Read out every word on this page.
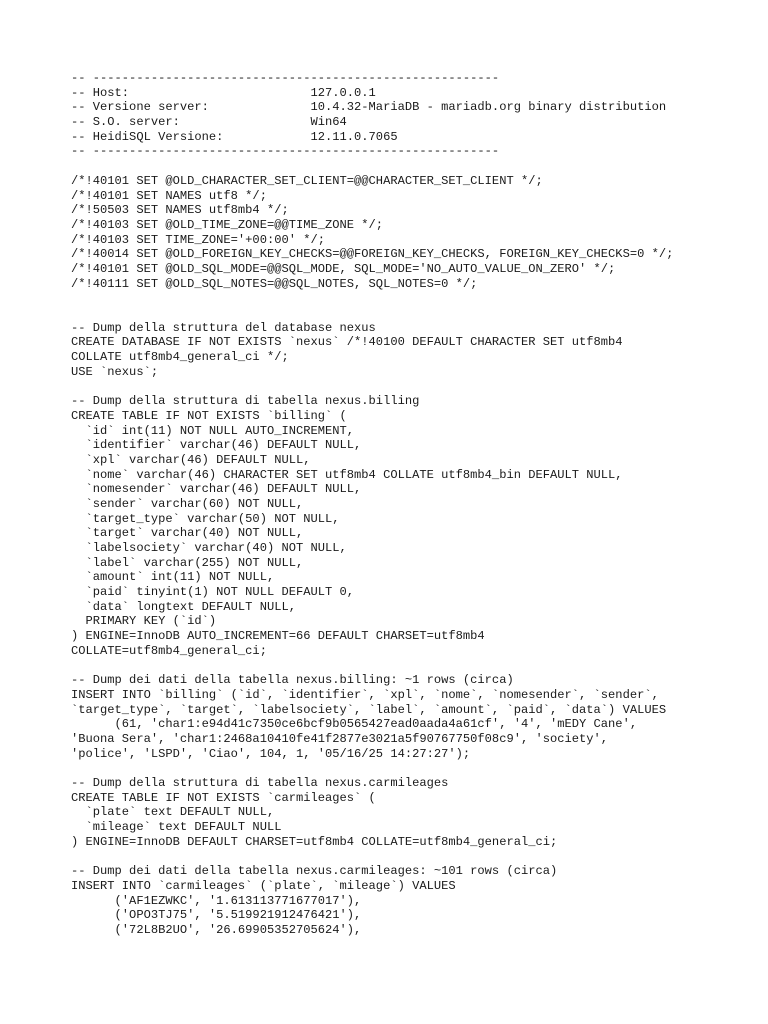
-- --------------------------------------------------------
-- Host:                         127.0.0.1
-- Versione server:              10.4.32-MariaDB - mariadb.org binary distribution
-- S.O. server:                  Win64
-- HeidiSQL Versione:            12.11.0.7065
-- --------------------------------------------------------
/*!40101 SET @OLD_CHARACTER_SET_CLIENT=@@CHARACTER_SET_CLIENT */;
/*!40101 SET NAMES utf8 */;
/*!50503 SET NAMES utf8mb4 */;
/*!40103 SET @OLD_TIME_ZONE=@@TIME_ZONE */;
/*!40103 SET TIME_ZONE='+00:00' */;
/*!40014 SET @OLD_FOREIGN_KEY_CHECKS=@@FOREIGN_KEY_CHECKS, FOREIGN_KEY_CHECKS=0 */;
/*!40101 SET @OLD_SQL_MODE=@@SQL_MODE, SQL_MODE='NO_AUTO_VALUE_ON_ZERO' */;
/*!40111 SET @OLD_SQL_NOTES=@@SQL_NOTES, SQL_NOTES=0 */;
-- Dump della struttura del database nexus
CREATE DATABASE IF NOT EXISTS `nexus` /*!40100 DEFAULT CHARACTER SET utf8mb4
COLLATE utf8mb4_general_ci */;
USE `nexus`;
-- Dump della struttura di tabella nexus.billing
CREATE TABLE IF NOT EXISTS `billing` (
`id` int(11) NOT NULL AUTO_INCREMENT,
`identifier` varchar(46) DEFAULT NULL,
`xpl` varchar(46) DEFAULT NULL,
`nome` varchar(46) CHARACTER SET utf8mb4 COLLATE utf8mb4_bin DEFAULT NULL,
`nomesender` varchar(46) DEFAULT NULL,
`sender` varchar(60) NOT NULL,
`target_type` varchar(50) NOT NULL,
`target` varchar(40) NOT NULL,
`labelsociety` varchar(40) NOT NULL,
`label` varchar(255) NOT NULL,
`amount` int(11) NOT NULL,
`paid` tinyint(1) NOT NULL DEFAULT 0,
`data` longtext DEFAULT NULL,
PRIMARY KEY (`id`)
) ENGINE=InnoDB AUTO_INCREMENT=66 DEFAULT CHARSET=utf8mb4
COLLATE=utf8mb4_general_ci;
-- Dump dei dati della tabella nexus.billing: ~1 rows (circa)
INSERT INTO `billing` (`id`, `identifier`, `xpl`, `nome`, `nomesender`, `sender`,
`target_type`, `target`, `labelsociety`, `label`, `amount`, `paid`, `data`) VALUES
(61, 'char1:e94d41c7350ce6bcf9b0565427ead0aada4a61cf', '4', 'mEDY Cane',
'Buona Sera', 'char1:2468a10410fe41f2877e3021a5f90767750f08c9', 'society',
'police', 'LSPD', 'Ciao', 104, 1, '05/16/25 14:27:27');
-- Dump della struttura di tabella nexus.carmileages
CREATE TABLE IF NOT EXISTS `carmileages` (
`plate` text DEFAULT NULL,
`mileage` text DEFAULT NULL
) ENGINE=InnoDB DEFAULT CHARSET=utf8mb4 COLLATE=utf8mb4_general_ci;
-- Dump dei dati della tabella nexus.carmileages: ~101 rows (circa)
INSERT INTO `carmileages` (`plate`, `mileage`) VALUES
('AF1EZWKC', '1.613113771677017'),
('OPO3TJ75', '5.519921912476421'),
('72L8B2UO', '26.69905352705624'),
